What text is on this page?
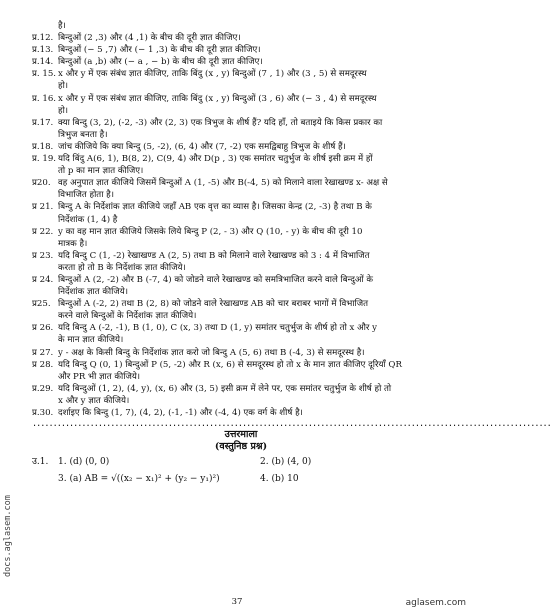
docs.aglasem.com

है।

प्र.12. बिन्दुओं (2 ,3) और (4 ,1) के बीच की दूरी ज्ञात कीजिए।

प्र.13. बिन्दुओं (− 5 ,7) और (− 1 ,3) के बीच की दूरी ज्ञात कीजिए।

प्र.14. बिन्दुओं (a ,b) और (− a , − b) के बीच की दूरी ज्ञात कीजिए।

प्र. 15. x और y में एक संबंध ज्ञात कीजिए, ताकि बिंदु (x , y) बिन्दुओं (7 , 1) और (3 , 5) से समदूरस्थ

हो।

प्र. 16. x और y में एक संबंध ज्ञात कीजिए, ताकि बिंदु (x , y) बिन्दुओं (3 , 6) और (− 3 , 4) से समदूरस्थ

हो।

प्र.17. क्या बिन्दु (3, 2), (-2, -3) और (2, 3) एक त्रिभुज के शीर्ष हैं? यदि हाँ, तो बताइये कि किस प्रकार का

त्रिभुज बनता है।

प्र.18. जांच कीजिये कि क्या बिन्दु (5, -2), (6, 4) और (7, -2) एक समद्विबाहु त्रिभुज के शीर्ष हैं।

प्र. 19. यदि बिंदु A(6, 1), B(8, 2), C(9, 4) और D(p , 3) एक समांतर चतुर्भुज के शीर्ष इसी क्रम में हों

तो p का मान ज्ञात कीजिए।

प्र20. वह अनुपात ज्ञात कीजिये जिसमें बिन्दुओं A (1, -5) और B(-4, 5) को मिलाने वाला रेखाखण्ड x- अक्ष से

विभाजित होता है।

प्र 21. बिन्दु A के निर्देशांक ज्ञात कीजिये जहाँ AB एक वृत्त का व्यास है। जिसका केन्द्र (2, -3) है तथा B के

निर्देशांक (1, 4) है

प्र 22. y का वह मान ज्ञात कीजिये जिसके लिये बिन्दु P (2, - 3) और Q (10, - y) के बीच की दूरी 10

मात्रक है।

प्र 23. यदि बिन्दु C (1, -2) रेखाखण्ड A (2, 5) तथा B को मिलाने वाले रेखाखण्ड को 3 : 4 में विभाजित

करता हो तो B के निर्देशांक ज्ञात कीजिये।

प्र 24. बिन्दुओं A (2, -2) और B (-7, 4) को जोडने वाले रेखाखण्ड को समत्रिभाजित करने वाले बिन्दुओं के

निर्देशांक ज्ञात कीजिये।

प्र25. बिन्दुओं A (-2, 2) तथा B (2, 8) को जोडने वाले रेखाखण्ड AB को चार बराबर भागों में विभाजित

करने वाले बिन्दुओं के निर्देशांक ज्ञात कीजिये।

प्र 26. यदि बिन्दु A (-2, -1), B (1, 0), C (x, 3) तथा D (1, y) समांतर चतुर्भुज के शीर्ष हो तो x और y

के मान ज्ञात कीजिये।

प्र 27. y - अक्ष के किसी बिन्दु के निर्देशांक ज्ञात करो जो बिन्दु A (5, 6) तथा B (-4, 3) से समदूरस्थ है।

प्र 28. यदि बिन्दु Q (0, 1) बिन्दुओं P (5, -2) और R (x, 6) से समदूरस्थ हो तो x के मान ज्ञात कीजिए दूरियाँ QR

और PR भी ज्ञात कीजिये।

प्र.29. यदि बिन्दुओं (1, 2), (4, y), (x, 6) और (3, 5) इसी क्रम में लेने पर, एक समांतर चतुर्भुज के शीर्ष हो तो

x और y ज्ञात कीजिये।

प्र.30. दर्शाइए कि बिन्दु (1, 7), (4, 2), (-1, -1) और (-4, 4) एक वर्ग के शीर्ष है।

..............................................................................................................................
उत्तरमाला
(वस्तुनिष्ठ प्रश्न)
उ.1.	1. (d) (0, 0)	2. (b) (4, 0)
3. (a) AB = √((x₂ − x₁)² + (y₂ − y₁)²)	4. (b) 10
37	aglasem.com
